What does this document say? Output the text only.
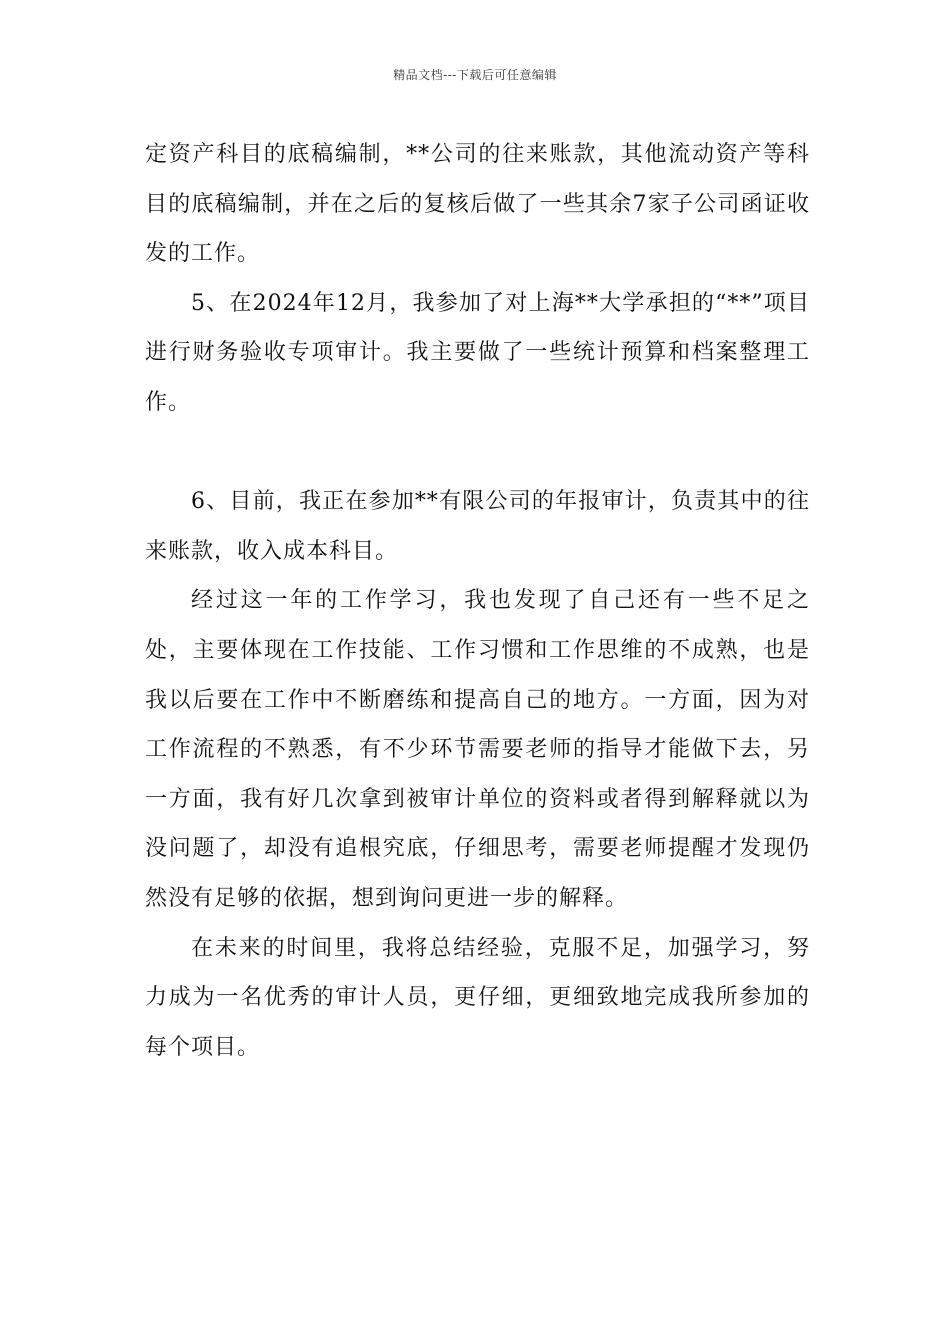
精品文档---下载后可任意编辑

定资产科目的底稿编制，**公司的往来账款，其他流动资产等科目的底稿编制，并在之后的复核后做了一些其余7家子公司函证收发的工作。

5、在2024年12月，我参加了对上海**大学承担的“**”项目进行财务验收专项审计。我主要做了一些统计预算和档案整理工作。

6、目前，我正在参加**有限公司的年报审计，负责其中的往来账款，收入成本科目。

经过这一年的工作学习，我也发现了自己还有一些不足之处，主要体现在工作技能、工作习惯和工作思维的不成熟，也是我以后要在工作中不断磨练和提高自己的地方。一方面，因为对工作流程的不熟悉，有不少环节需要老师的指导才能做下去，另一方面，我有好几次拿到被审计单位的资料或者得到解释就以为没问题了，却没有追根究底，仔细思考，需要老师提醒才发现仍然没有足够的依据，想到询问更进一步的解释。

在未来的时间里，我将总结经验，克服不足，加强学习，努力成为一名优秀的审计人员，更仔细，更细致地完成我所参加的每个项目。
